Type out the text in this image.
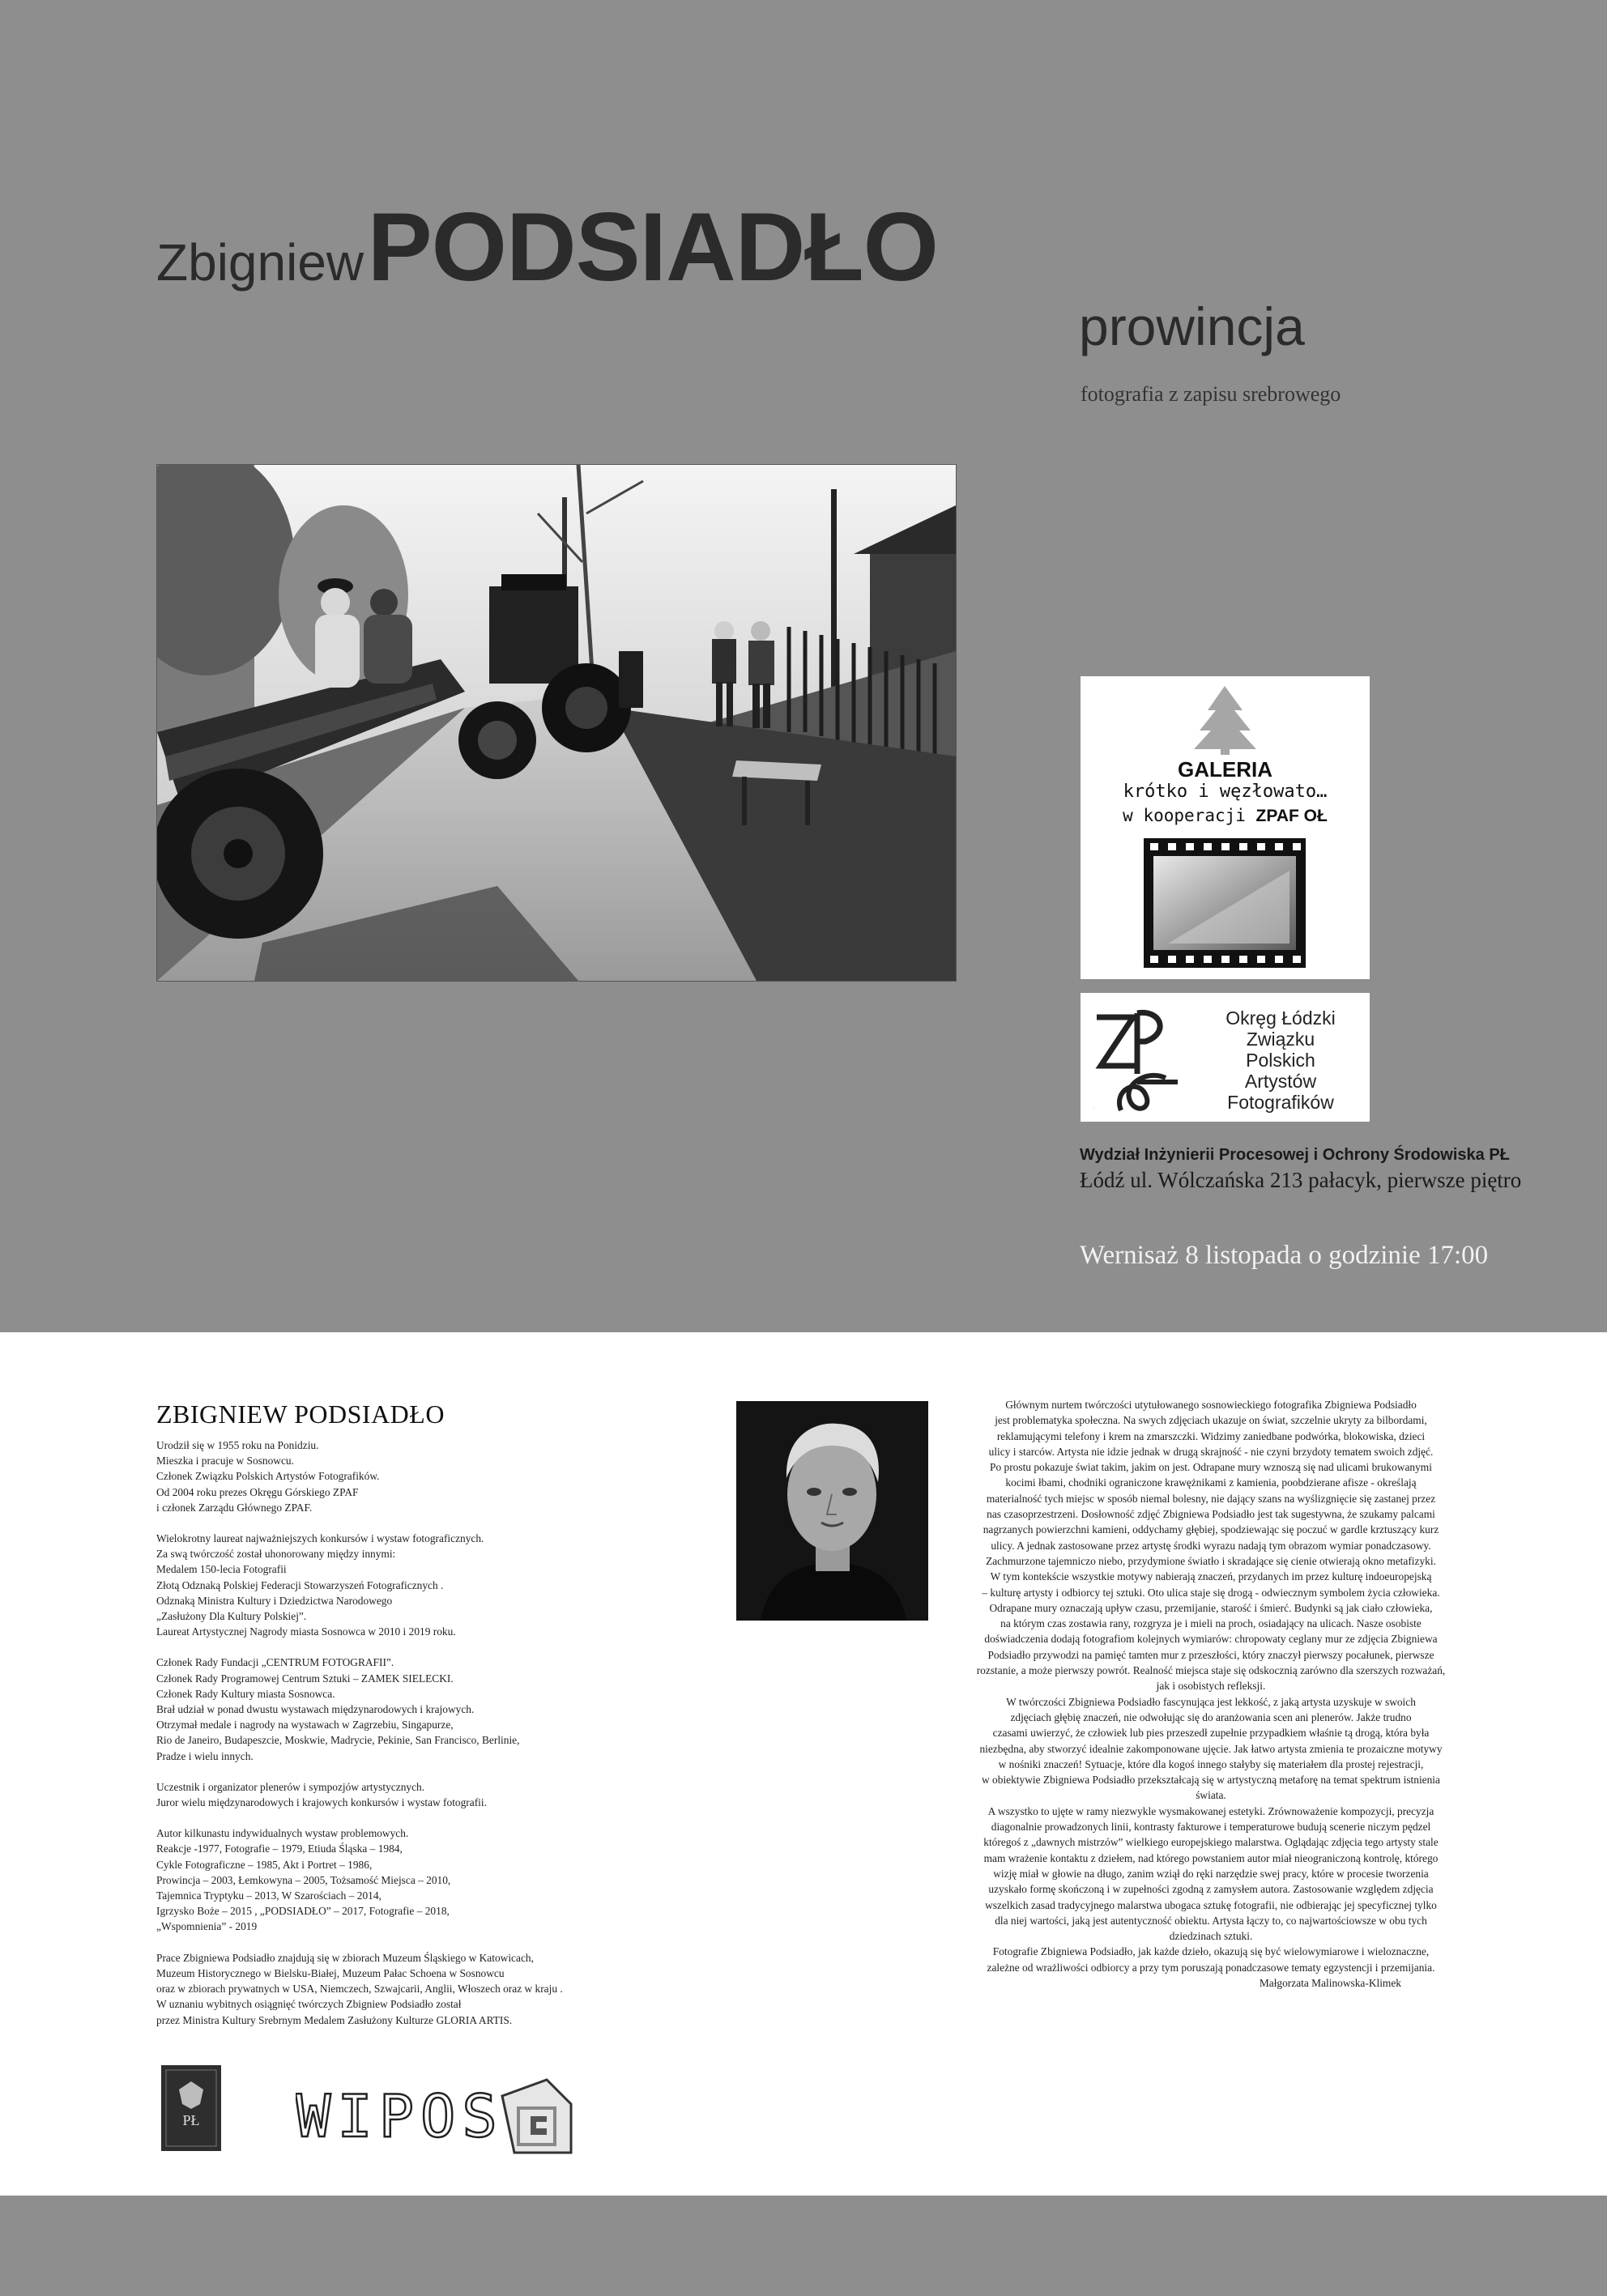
Zbigniew PODSIADŁO
prowincja
fotografia z zapisu srebrowego
GALERIA
krótko i węzłowato…
w kooperacji ZPAF OŁ
ZPAF
Okręg Łódzki
Związku
Polskich
Artystów
Fotografików
Wydział Inżynierii Procesowej i Ochrony Środowiska PŁ
Łódź ul. Wólczańska 213 pałacyk, pierwsze piętro
Wernisaż 8 listopada o godzinie 17:00
ZBIGNIEW PODSIADŁO
Urodził się w 1955 roku na Ponidziu.
Mieszka i pracuje w Sosnowcu.
Członek Związku Polskich Artystów Fotografików.
Od 2004 roku prezes Okręgu Górskiego ZPAF
i członek Zarządu Głównego ZPAF.
Wielokrotny laureat najważniejszych konkursów i wystaw fotograficznych.
Za swą twórczość został uhonorowany między innymi:
Medalem 150-lecia Fotografii
Złotą Odznaką Polskiej Federacji Stowarzyszeń Fotograficznych .
Odznaką Ministra Kultury i Dziedzictwa Narodowego
„Zasłużony Dla Kultury Polskiej”.
Laureat Artystycznej Nagrody miasta Sosnowca w 2010 i 2019 roku.
Członek Rady Fundacji „CENTRUM FOTOGRAFII”.
Członek Rady Programowej Centrum Sztuki – ZAMEK SIELECKI.
Członek Rady Kultury miasta Sosnowca.
Brał udział w ponad dwustu wystawach międzynarodowych i krajowych.
Otrzymał medale i nagrody na wystawach w Zagrzebiu, Singapurze,
Rio de Janeiro, Budapeszcie, Moskwie, Madrycie, Pekinie, San Francisco, Berlinie,
Pradze i wielu innych.
Uczestnik i organizator plenerów i sympozjów artystycznych.
Juror wielu międzynarodowych i krajowych konkursów i wystaw fotografii.
Autor kilkunastu indywidualnych wystaw problemowych.
Reakcje -1977, Fotografie – 1979, Etiuda Śląska – 1984,
Cykle Fotograficzne – 1985, Akt i Portret – 1986,
Prowincja – 2003, Łemkowyna – 2005, Tożsamość Miejsca – 2010,
Tajemnica Tryptyku – 2013, W Szarościach – 2014,
Igrzysko Boże – 2015 , „PODSIADŁO” – 2017, Fotografie – 2018,
„Wspomnienia” - 2019
Prace Zbigniewa Podsiadło znajdują się w zbiorach Muzeum Śląskiego w Katowicach,
Muzeum Historycznego w Bielsku-Białej, Muzeum Pałac Schoena w Sosnowcu
oraz w zbiorach prywatnych w USA, Niemczech, Szwajcarii, Anglii, Włoszech oraz w kraju .
W uznaniu wybitnych osiągnięć twórczych Zbigniew Podsiadło został
przez Ministra Kultury Srebrnym Medalem Zasłużony Kulturze GLORIA ARTIS.
Głównym nurtem twórczości utytułowanego sosnowieckiego fotografika Zbigniewa Podsiadło
jest problematyka społeczna. Na swych zdjęciach ukazuje on świat, szczelnie ukryty za bilbordami,
reklamującymi telefony i krem na zmarszczki. Widzimy zaniedbane podwórka, blokowiska, dzieci
ulicy i starców. Artysta nie idzie jednak w drugą skrajność - nie czyni brzydoty tematem swoich zdjęć.
Po prostu pokazuje świat takim, jakim on jest. Odrapane mury wznoszą się nad ulicami brukowanymi
kocimi łbami, chodniki ograniczone krawężnikami z kamienia, poobdzierane afisze - określają
materialność tych miejsc w sposób niemal bolesny, nie dający szans na wyślizgnięcie się zastanej przez
nas czasoprzestrzeni. Dosłowność zdjęć Zbigniewa Podsiadło jest tak sugestywna, że szukamy palcami
nagrzanych powierzchni kamieni, oddychamy głębiej, spodziewając się poczuć w gardle krztuszący kurz
ulicy. A jednak zastosowane przez artystę środki wyrazu nadają tym obrazom wymiar ponadczasowy.
Zachmurzone tajemniczo niebo, przydymione światło i skradające się cienie otwierają okno metafizyki.
W tym kontekście wszystkie motywy nabierają znaczeń, przydanych im przez kulturę indoeuropejską
– kulturę artysty i odbiorcy tej sztuki. Oto ulica staje się drogą - odwiecznym symbolem życia człowieka.
Odrapane mury oznaczają upływ czasu, przemijanie, starość i śmierć. Budynki są jak ciało człowieka,
na którym czas zostawia rany, rozgryza je i mieli na proch, osiadający na ulicach. Nasze osobiste
doświadczenia dodają fotografiom kolejnych wymiarów: chropowaty ceglany mur ze zdjęcia Zbigniewa
Podsiadło przywodzi na pamięć tamten mur z przeszłości, który znaczył pierwszy pocałunek, pierwsze
rozstanie, a może pierwszy powrót. Realność miejsca staje się odskocznią zarówno dla szerszych rozważań,
jak i osobistych refleksji.
W twórczości Zbigniewa Podsiadło fascynująca jest lekkość, z jaką artysta uzyskuje w swoich
zdjęciach głębię znaczeń, nie odwołując się do aranżowania scen ani plenerów. Jakże trudno
czasami uwierzyć, że człowiek lub pies przeszedł zupełnie przypadkiem właśnie tą drogą, która była
niezbędna, aby stworzyć idealnie zakomponowane ujęcie. Jak łatwo artysta zmienia te prozaiczne motywy
w nośniki znaczeń! Sytuacje, które dla kogoś innego stałyby się materiałem dla prostej rejestracji,
w obiektywie Zbigniewa Podsiadło przekształcają się w artystyczną metaforę na temat spektrum istnienia
świata.
A wszystko to ujęte w ramy niezwykle wysmakowanej estetyki. Zrównoważenie kompozycji, precyzja
diagonalnie prowadzonych linii, kontrasty fakturowe i temperaturowe budują scenerie niczym pędzel
któregoś z „dawnych mistrzów” wielkiego europejskiego malarstwa. Oglądając zdjęcia tego artysty stale
mam wrażenie kontaktu z dziełem, nad którego powstaniem autor miał nieograniczoną kontrolę, którego
wizję miał w głowie na długo, zanim wziął do ręki narzędzie swej pracy, które w procesie tworzenia
uzyskało formę skończoną i w zupełności zgodną z zamysłem autora. Zastosowanie względem zdjęcia
wszelkich zasad tradycyjnego malarstwa ubogaca sztukę fotografii, nie odbierając jej specyficznej tylko
dla niej wartości, jaką jest autentyczność obiektu. Artysta łączy to, co najwartościowsze w obu tych
dziedzinach sztuki.
Fotografie Zbigniewa Podsiadło, jak każde dzieło, okazują się być wielowymiarowe i wieloznaczne,
zależne od wrażliwości odbiorcy a przy tym poruszają ponadczasowe tematy egzystencji i przemijania.
Małgorzata Malinowska-Klimek
PŁ WIPOS
